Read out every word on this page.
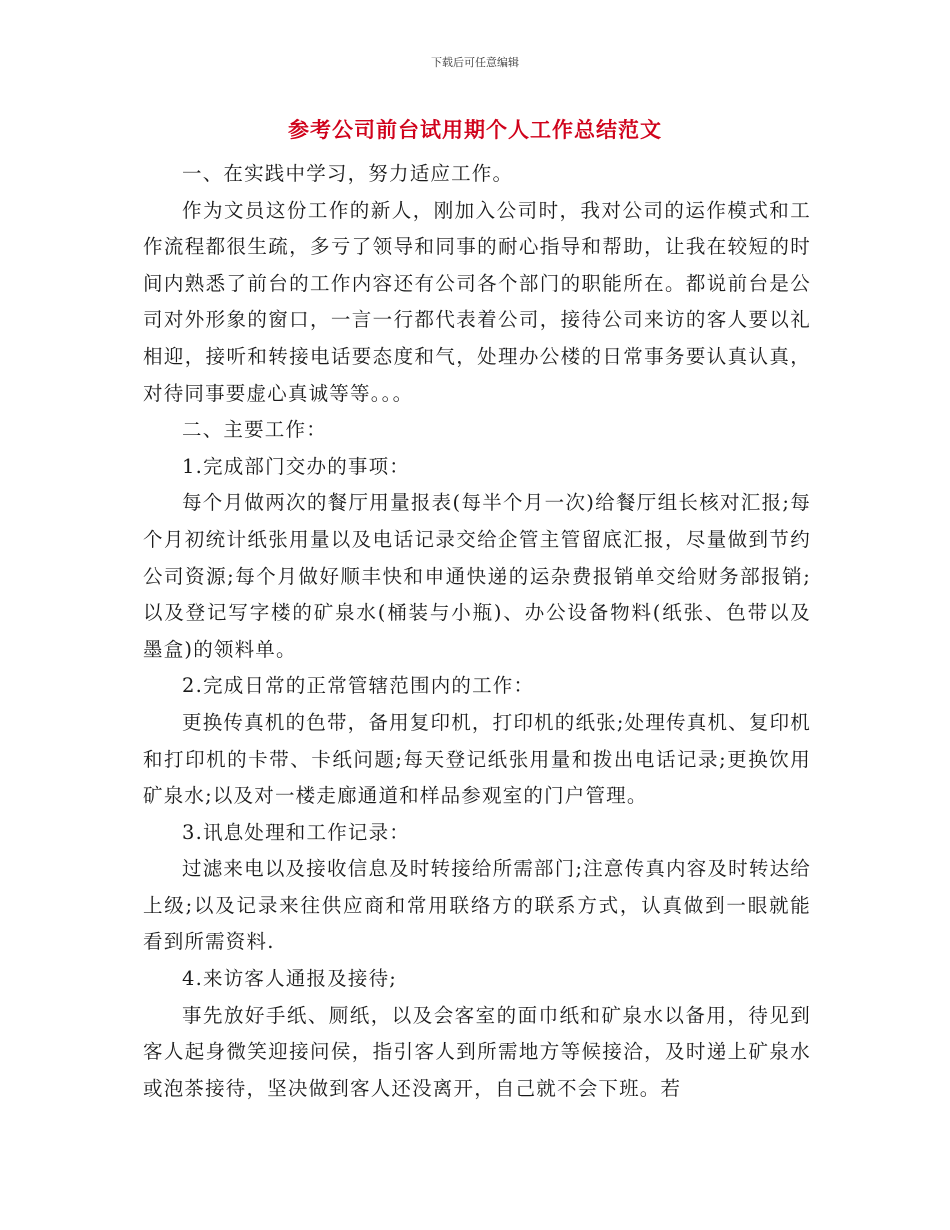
下载后可任意编辑
参考公司前台试用期个人工作总结范文

一、在实践中学习，努力适应工作。

作为文员这份工作的新人，刚加入公司时，我对公司的运作模式和工作流程都很生疏，多亏了领导和同事的耐心指导和帮助，让我在较短的时间内熟悉了前台的工作内容还有公司各个部门的职能所在。都说前台是公司对外形象的窗口，一言一行都代表着公司，接待公司来访的客人要以礼相迎，接听和转接电话要态度和气，处理办公楼的日常事务要认真认真，对待同事要虚心真诚等等。。。

二、主要工作：

1.完成部门交办的事项：

每个月做两次的餐厅用量报表(每半个月一次)给餐厅组长核对汇报;每个月初统计纸张用量以及电话记录交给企管主管留底汇报，尽量做到节约公司资源;每个月做好顺丰快和申通快递的运杂费报销单交给财务部报销;以及登记写字楼的矿泉水(桶装与小瓶)、办公设备物料(纸张、色带以及墨盒)的领料单。

2.完成日常的正常管辖范围内的工作：

更换传真机的色带，备用复印机，打印机的纸张;处理传真机、复印机和打印机的卡带、卡纸问题;每天登记纸张用量和拨出电话记录;更换饮用矿泉水;以及对一楼走廊通道和样品参观室的门户管理。

3.讯息处理和工作记录：

过滤来电以及接收信息及时转接给所需部门;注意传真内容及时转达给上级;以及记录来往供应商和常用联络方的联系方式，认真做到一眼就能看到所需资料.

4.来访客人通报及接待;

事先放好手纸、厕纸，以及会客室的面巾纸和矿泉水以备用，待见到客人起身微笑迎接问侯，指引客人到所需地方等候接洽，及时递上矿泉水或泡茶接待，坚决做到客人还没离开，自己就不会下班。若
